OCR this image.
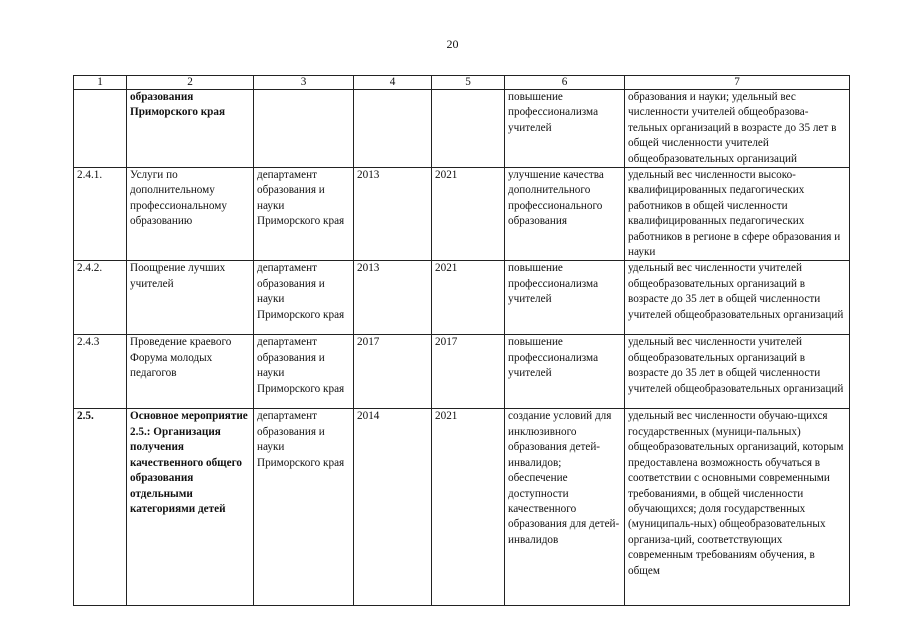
20
1	2	3	4	5	6	7
	образования Приморского края				повышение профессионализма учителей	образования и науки; удельный вес численности учителей общеобразова-тельных организаций в возрасте до 35 лет в общей численности учителей общеобразовательных организаций
2.4.1.	Услуги по дополнительному профессиональному образованию	департамент образования и науки Приморского края	2013	2021	улучшение качества дополнительного профессионального образования	удельный вес численности высоко-квалифицированных педагогических работников в общей численности квалифицированных педагогических работников в регионе в сфере образования и науки
2.4.2.	Поощрение лучших учителей	департамент образования и науки Приморского края	2013	2021	повышение профессионализма учителей	удельный вес численности учителей общеобразовательных организаций в возрасте до 35 лет в общей численности учителей общеобразовательных организаций
2.4.3	Проведение краевого Форума молодых педагогов	департамент образования и науки Приморского края	2017	2017	повышение профессионализма учителей	удельный вес численности учителей общеобразовательных организаций в возрасте до 35 лет в общей численности учителей общеобразовательных организаций
2.5.	Основное мероприятие 2.5.: Организация получения качественного общего образования отдельными категориями детей	департамент образования и науки Приморского края	2014	2021	создание условий для инклюзивного образования детей-инвалидов; обеспечение доступности качественного образования для детей-инвалидов	удельный вес численности обучаю-щихся государственных (муници-пальных) общеобразовательных организаций, которым предоставлена возможность обучаться в соответствии с основными современными требованиями, в общей численности обучающихся; доля государственных (муниципаль-ных) общеобразовательных организа-ций, соответствующих современным требованиям обучения, в общем
